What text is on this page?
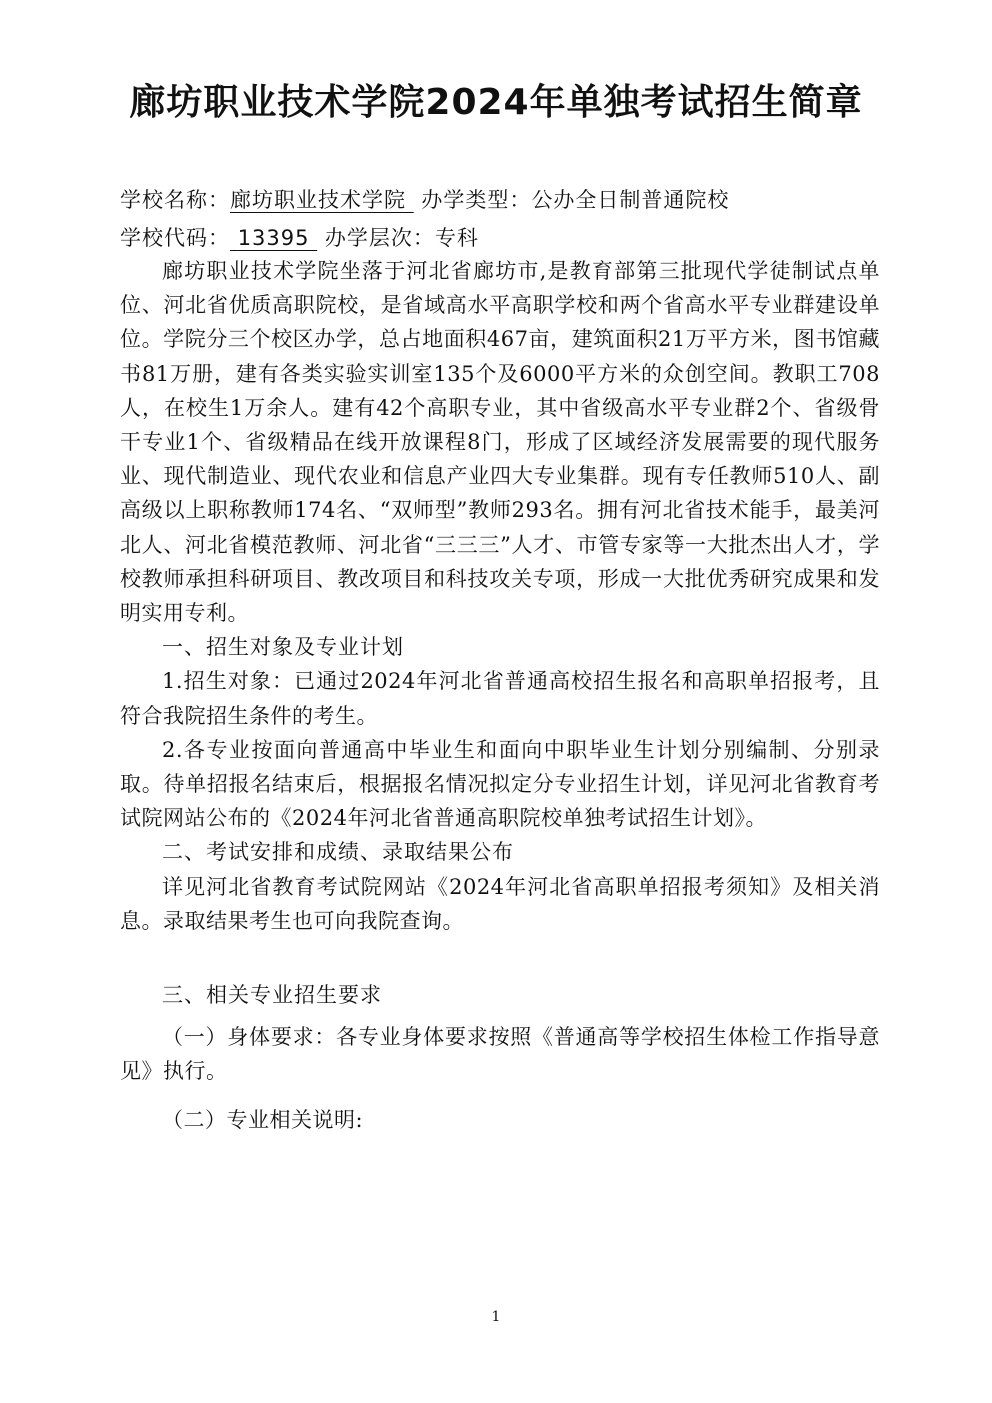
廊坊职业技术学院2024年单独考试招生简章
学校名称：廊坊职业技术学院 办学类型：公办全日制普通院校
学校代码： 13395 办学层次：专科

廊坊职业技术学院坐落于河北省廊坊市,是教育部第三批现代学徒制试点单位、河北省优质高职院校，是省域高水平高职学校和两个省高水平专业群建设单位。学院分三个校区办学，总占地面积467亩，建筑面积21万平方米，图书馆藏书81万册，建有各类实验实训室135个及6000平方米的众创空间。教职工708人，在校生1万余人。建有42个高职专业，其中省级高水平专业群2个、省级骨干专业1个、省级精品在线开放课程8门，形成了区域经济发展需要的现代服务业、现代制造业、现代农业和信息产业四大专业集群。现有专任教师510人、副高级以上职称教师174名、“双师型”教师293名。拥有河北省技术能手，最美河北人、河北省模范教师、河北省“三三三”人才、市管专家等一大批杰出人才，学校教师承担科研项目、教改项目和科技攻关专项，形成一大批优秀研究成果和发明实用专利。

一、招生对象及专业计划

1.招生对象：已通过2024年河北省普通高校招生报名和高职单招报考，且符合我院招生条件的考生。

2.各专业按面向普通高中毕业生和面向中职毕业生计划分别编制、分别录取。待单招报名结束后，根据报名情况拟定分专业招生计划，详见河北省教育考试院网站公布的《2024年河北省普通高职院校单独考试招生计划》。

二、考试安排和成绩、录取结果公布

详见河北省教育考试院网站《2024年河北省高职单招报考须知》及相关消息。录取结果考生也可向我院查询。

三、相关专业招生要求

（一）身体要求：各专业身体要求按照《普通高等学校招生体检工作指导意见》执行。

（二）专业相关说明:

1
